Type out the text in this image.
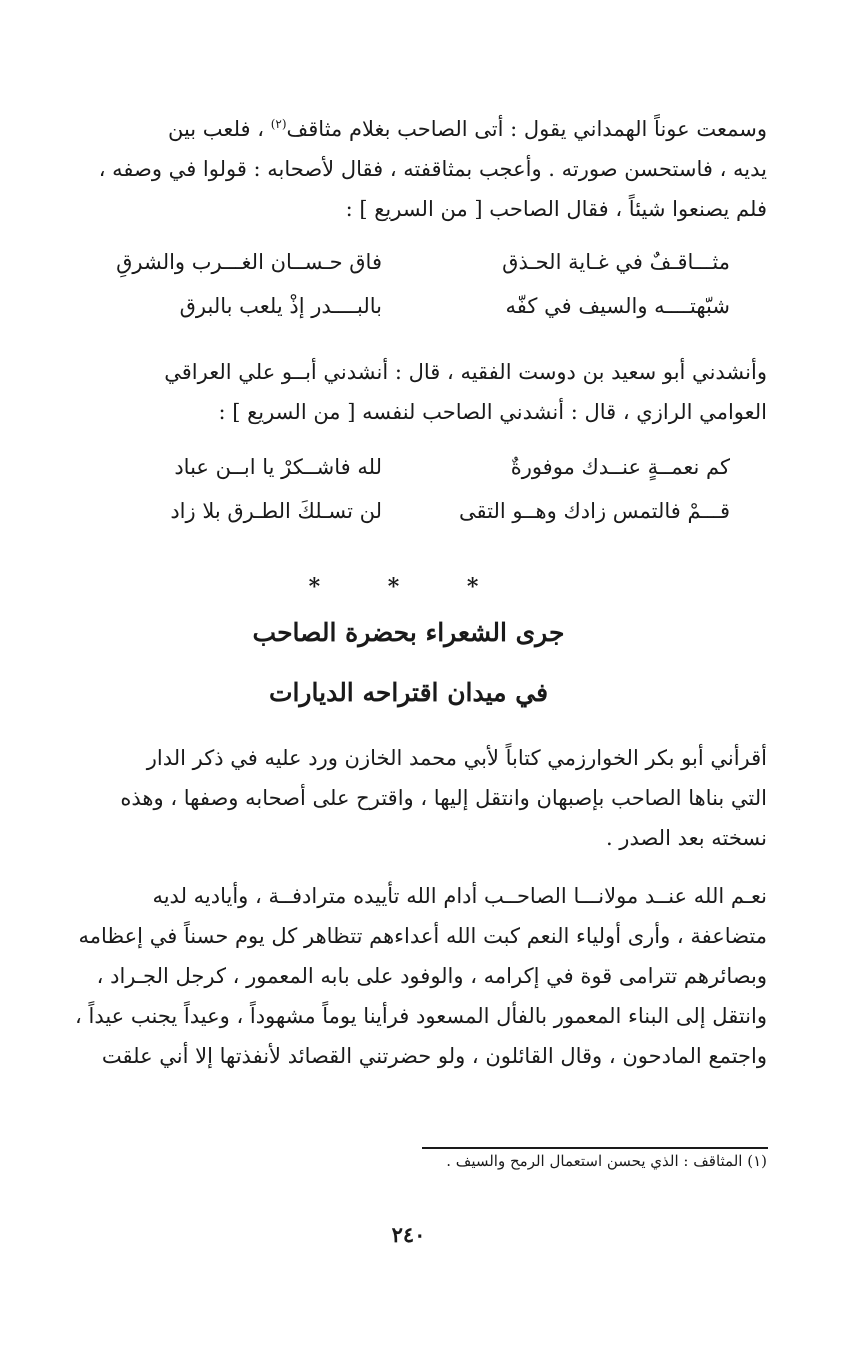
وسمعت عوناً الهمداني يقول : أتى الصاحب بغلام مثاقف$^{(٢)}$ ، فلعب بين
يديه ، فاستحسن صورته . وأعجب بمثاقفته ، فقال لأصحابه : قولوا في وصفه ،
فلم يصنعوا شيئاً ، فقال الصاحب [ من السريع ] :
مثـــاقـفٌ في غـاية الحـذق
فاق حـســان الغـــرب والشرقِ
شبّهتــــه والسيف في كفّه
بالبــــدر إذْ يلعب بالبرق
وأنشدني أبو سعيد بن دوست الفقيه ، قال : أنشدني أبــو علي العراقي
العوامي الرازي ، قال : أنشدني الصاحب لنفسه [ من السريع ] :
كم نعمــةٍ عنــدك موفورةٌ
لله فاشــكرْ يا ابــن عباد
قـــمْ فالتمس زادك وهــو التقى
لن تسـلكَ الطـرق بلا زاد
* * *
جرى الشعراء بحضرة الصاحب
في ميدان اقتراحه الديارات
أقرأني أبو بكر الخوارزمي كتاباً لأبي محمد الخازن ورد عليه في ذكر الدار
التي بناها الصاحب بإصبهان وانتقل إليها ، واقترح على أصحابه وصفها ، وهذه
نسخته بعد الصدر .
نعـم الله عنــد مولانـــا الصاحــب أدام الله تأييده مترادفــة ، وأياديه لديه
متضاعفة ، وأرى أولياء النعم كبت الله أعداءهم تتظاهر كل يوم حسناً في إعظامه
وبصائرهم تترامى قوة في إكرامه ، والوفود على بابه المعمور ، كرجل الجـراد ،
وانتقل إلى البناء المعمور بالفأل المسعود فرأينا يوماً مشهوداً ، وعيداً يجنب عيداً ،
واجتمع المادحون ، وقال القائلون ، ولو حضرتني القصائد لأنفذتها إلا أني علقت
(١) المثاقف : الذي يحسن استعمال الرمح والسيف .
٢٤٠
